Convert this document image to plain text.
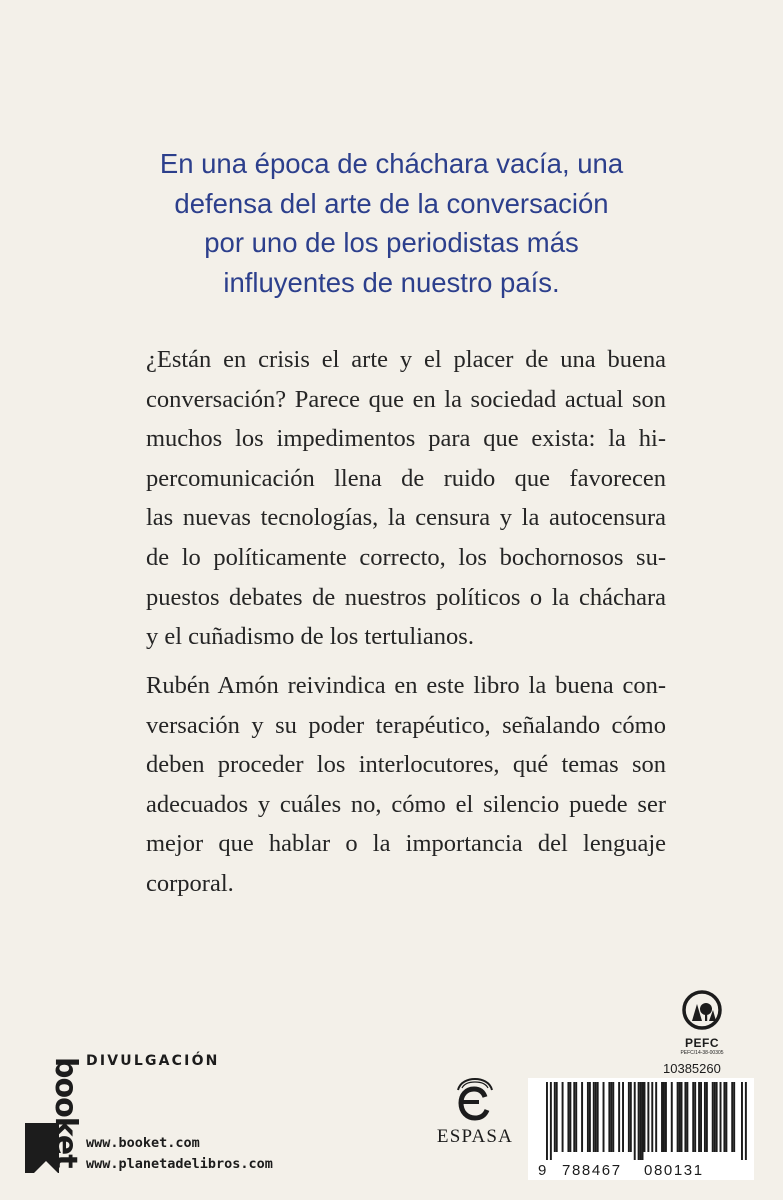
En una época de cháchara vacía, una
defensa del arte de la conversación
por uno de los periodistas más
influyentes de nuestro país.
¿Están en crisis el arte y el placer de una buena
conversación? Parece que en la sociedad actual son
muchos los impedimentos para que exista: la hi-
percomunicación llena de ruido que favorecen
las nuevas tecnologías, la censura y la autocensura
de lo políticamente correcto, los bochornosos su-
puestos debates de nuestros políticos o la cháchara
y el cuñadismo de los tertulianos.
Rubén Amón reivindica en este libro la buena con-
versación y su poder terapéutico, señalando cómo
deben proceder los interlocutores, qué temas son
adecuados y cuáles no, cómo el silencio puede ser
mejor que hablar o la importancia del lenguaje
corporal.
booket DIVULGACIÓN
www.booket.com
www.planetadelibros.com
ESPASA
PEFC
PEFC/14-38-00305
10385260
9 788467 080131
